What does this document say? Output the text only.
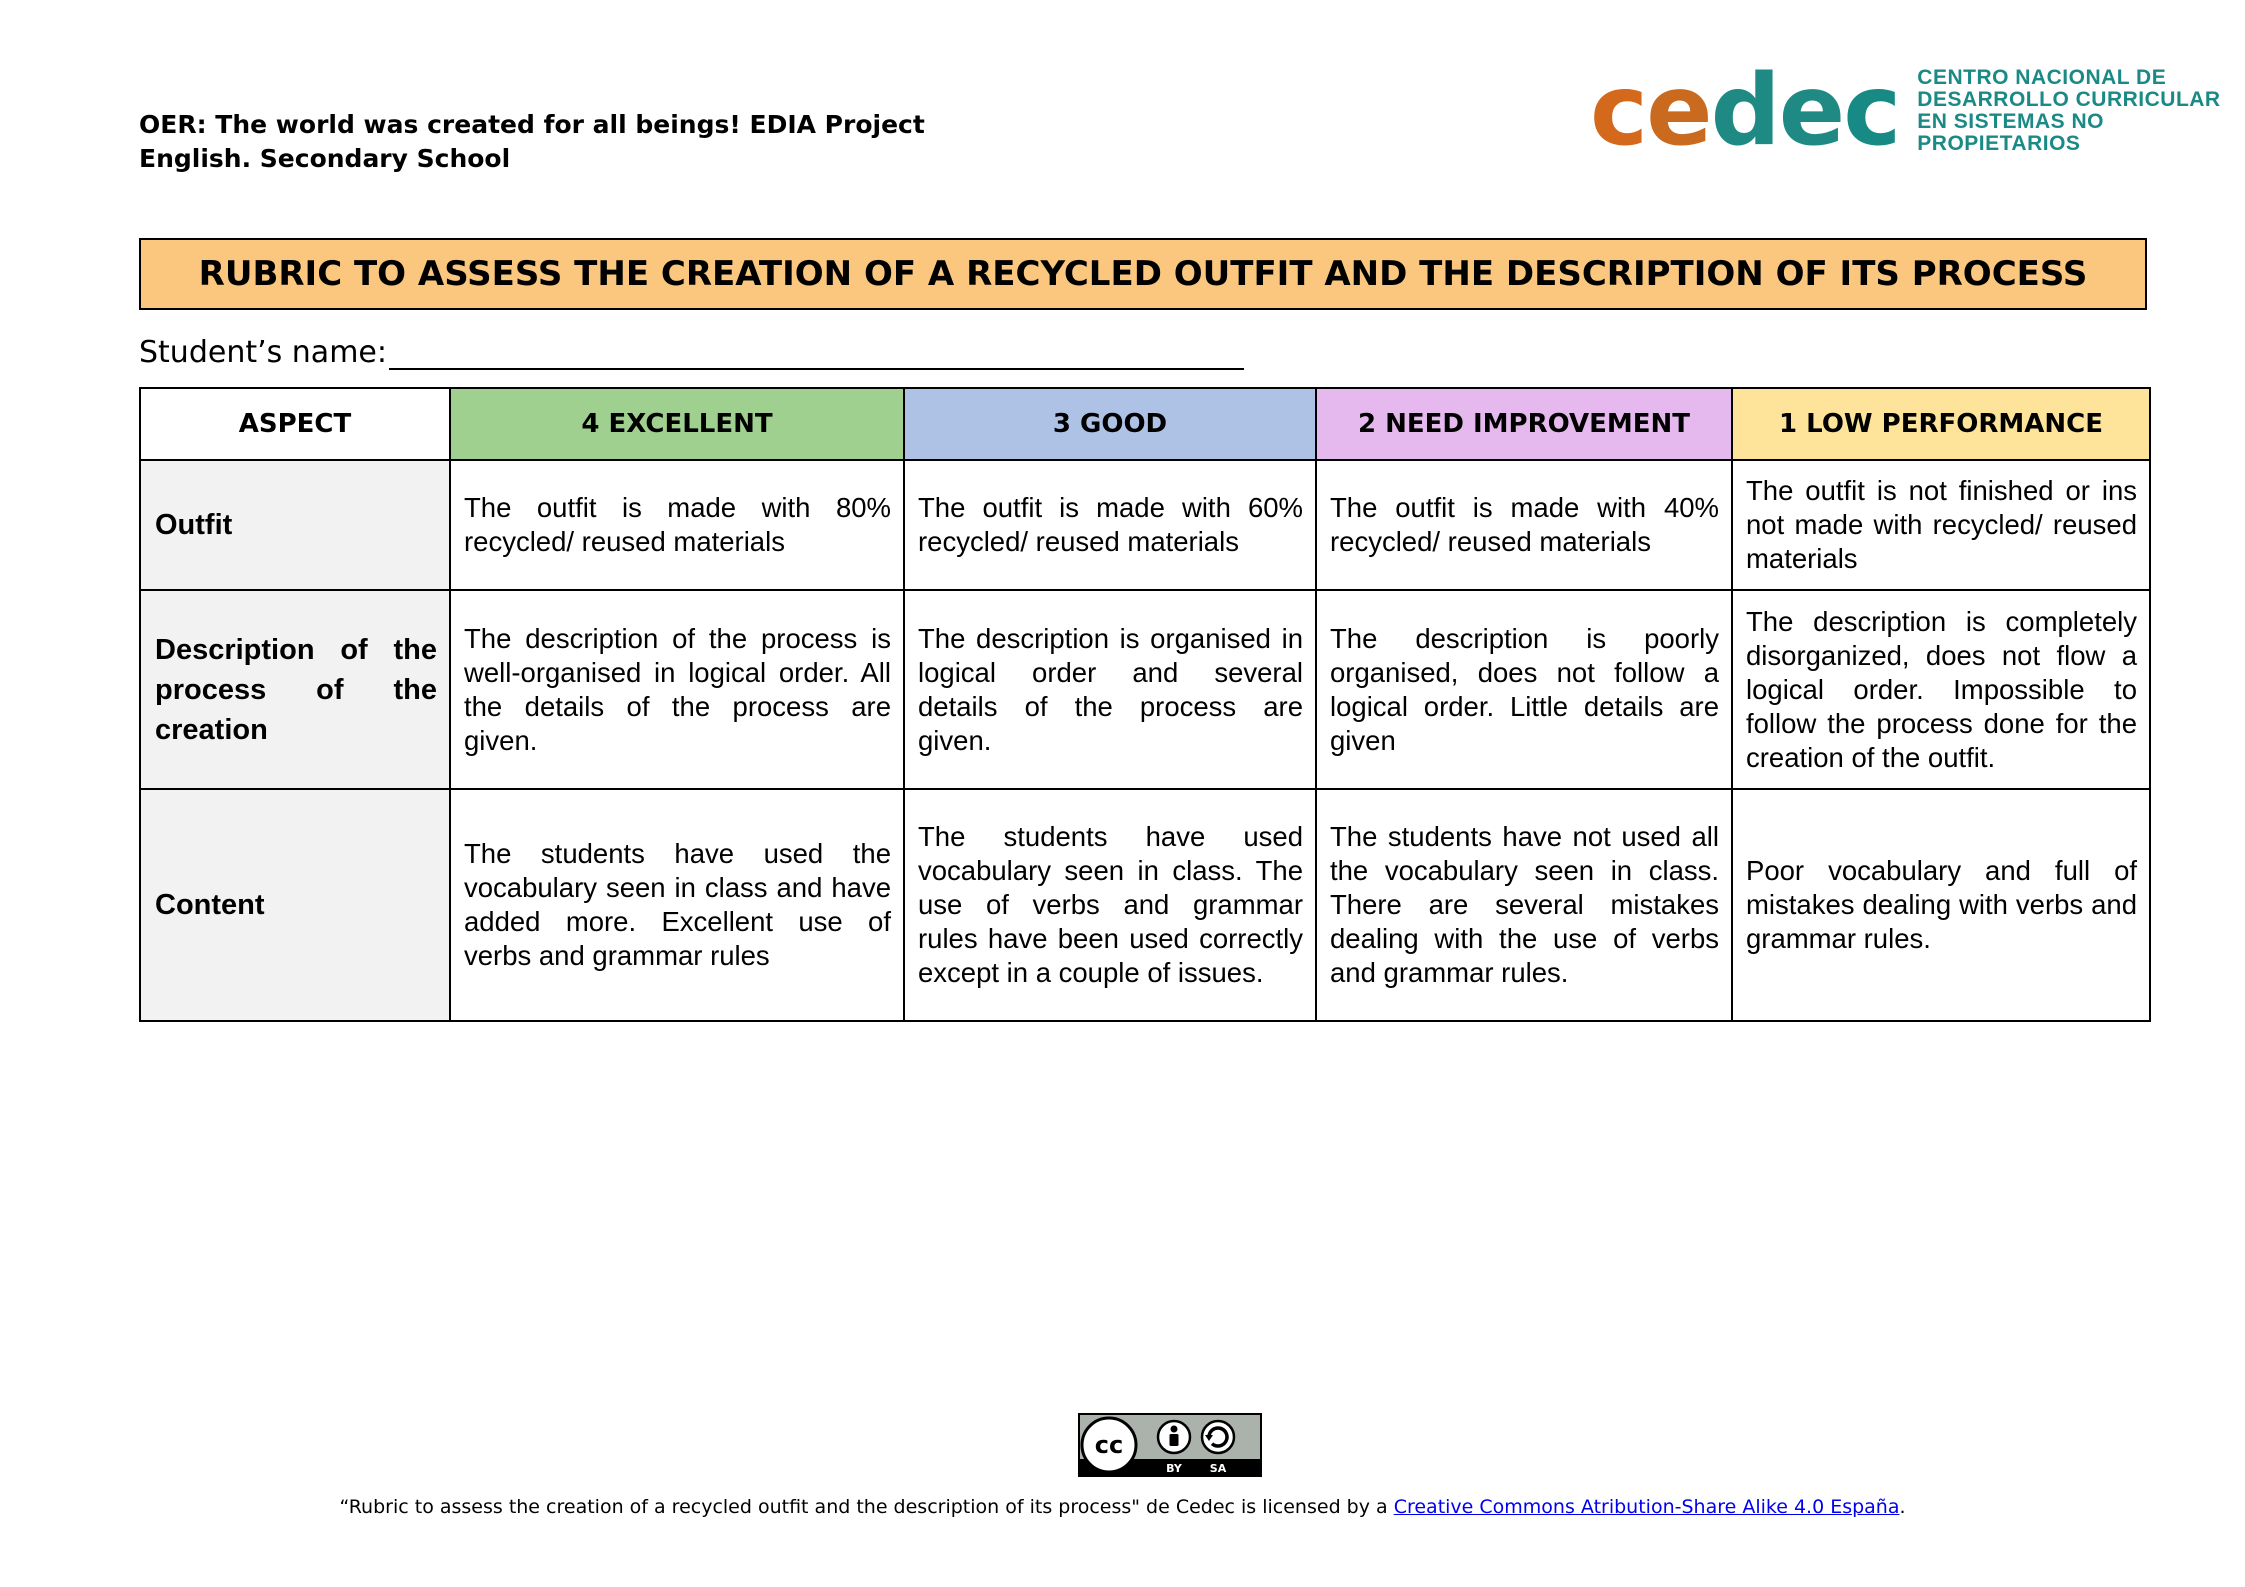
OER: The world was created for all beings! EDIA Project
English. Secondary School	cedec CENTRO NACIONAL DE
DESARROLLO CURRICULAR
EN SISTEMAS NO PROPIETARIOS
RUBRIC TO ASSESS THE CREATION OF A RECYCLED OUTFIT AND THE DESCRIPTION OF ITS PROCESS
Student’s name:
ASPECT	4 EXCELLENT	3 GOOD	2 NEED IMPROVEMENT	1 LOW PERFORMANCE
Outfit	The outfit is made with 80% recycled/ reused materials	The outfit is made with 60% recycled/ reused materials	The outfit is made with 40% recycled/ reused materials	The outfit is not finished or ins not made with recycled/ reused materials
Description of the process of the creation	The description of the process is well-organised in logical order. All the details of the process are given.	The description is organised in logical order and several details of the process are given.	The description is poorly organised, does not follow a logical order. Little details are given	The description is completely disorganized, does not flow a logical order. Impossible to follow the process done for the creation of the outfit.
Content	The students have used the vocabulary seen in class and have added more. Excellent use of verbs and grammar rules	The students have used vocabulary seen in class. The use of verbs and grammar rules have been used correctly except in a couple of issues.	The students have not used all the vocabulary seen in class. There are several mistakes dealing with the use of verbs and grammar rules.	Poor vocabulary and full of mistakes dealing with verbs and grammar rules.
cc
BY	SA
“Rubric to assess the creation of a recycled outfit and the description of its process" de Cedec is licensed by a Creative Commons Atribution-Share Alike 4.0 España.
